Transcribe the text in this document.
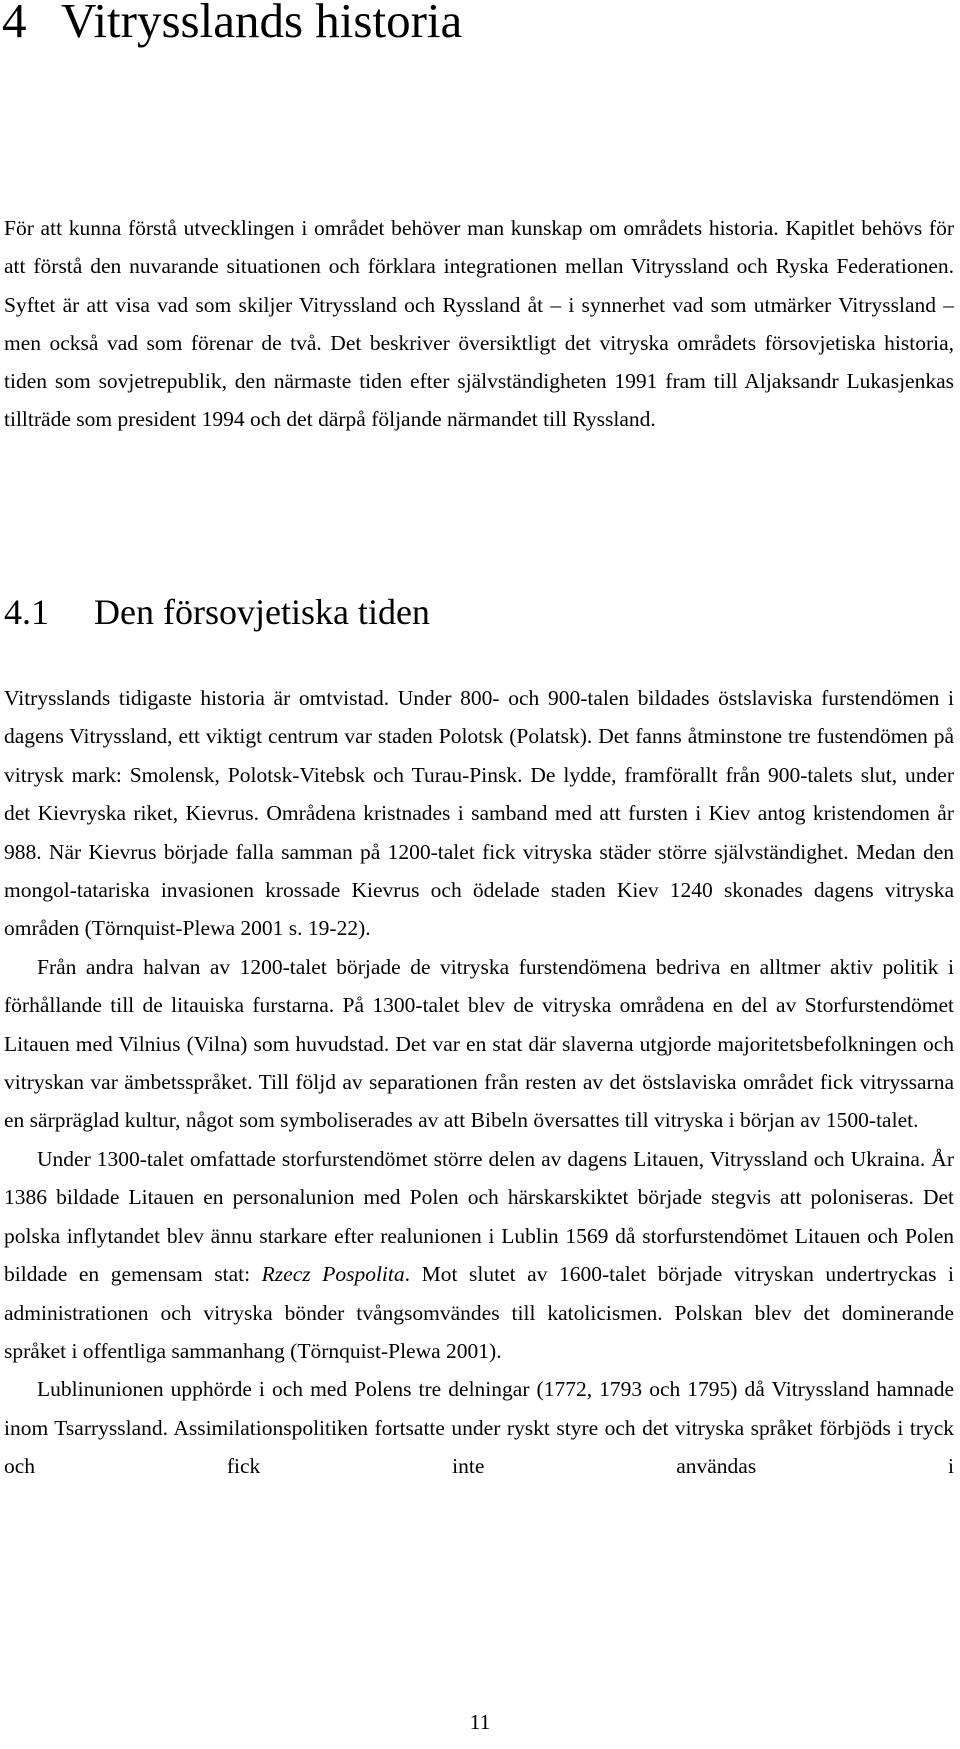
4 Vitrysslands historia

För att kunna förstå utvecklingen i området behöver man kunskap om områdets historia. Kapitlet behövs för att förstå den nuvarande situationen och förklara integrationen mellan Vitryssland och Ryska Federationen. Syftet är att visa vad som skiljer Vitryssland och Ryssland åt – i synnerhet vad som utmärker Vitryssland – men också vad som förenar de två. Det beskriver översiktligt det vitryska områdets försovjetiska historia, tiden som sovjetrepublik, den närmaste tiden efter självständigheten 1991 fram till Aljaksandr Lukasjenkas tillträde som president 1994 och det därpå följande närmandet till Ryssland.

4.1 Den försovjetiska tiden

Vitrysslands tidigaste historia är omtvistad. Under 800- och 900-talen bildades östslaviska furstendömen i dagens Vitryssland, ett viktigt centrum var staden Polotsk (Polatsk). Det fanns åtminstone tre fustendömen på vitrysk mark: Smolensk, Polotsk-Vitebsk och Turau-Pinsk. De lydde, framförallt från 900-talets slut, under det Kievryska riket, Kievrus. Områdena kristnades i samband med att fursten i Kiev antog kristendomen år 988. När Kievrus började falla samman på 1200-talet fick vitryska städer större självständighet. Medan den mongol-tatariska invasionen krossade Kievrus och ödelade staden Kiev 1240 skonades dagens vitryska områden (Törnquist-Plewa 2001 s. 19-22).

Från andra halvan av 1200-talet började de vitryska furstendömena bedriva en alltmer aktiv politik i förhållande till de litauiska furstarna. På 1300-talet blev de vitryska områdena en del av Storfurstendömet Litauen med Vilnius (Vilna) som huvudstad. Det var en stat där slaverna utgjorde majoritetsbefolkningen och vitryskan var ämbetsspråket. Till följd av separationen från resten av det östslaviska området fick vitryssarna en särpräglad kultur, något som symboliserades av att Bibeln översattes till vitryska i början av 1500-talet.

Under 1300-talet omfattade storfurstendömet större delen av dagens Litauen, Vitryssland och Ukraina. År 1386 bildade Litauen en personalunion med Polen och härskarskiktet började stegvis att poloniseras. Det polska inflytandet blev ännu starkare efter realunionen i Lublin 1569 då storfurstendömet Litauen och Polen bildade en gemensam stat: Rzecz Pospolita. Mot slutet av 1600-talet började vitryskan undertryckas i administrationen och vitryska bönder tvångsomvändes till katolicismen. Polskan blev det dominerande språket i offentliga sammanhang (Törnquist-Plewa 2001).

Lublinunionen upphörde i och med Polens tre delningar (1772, 1793 och 1795) då Vitryssland hamnade inom Tsarryssland. Assimilationspolitiken fortsatte under ryskt styre och det vitryska språket förbjöds i tryck och fick inte användas i

11
